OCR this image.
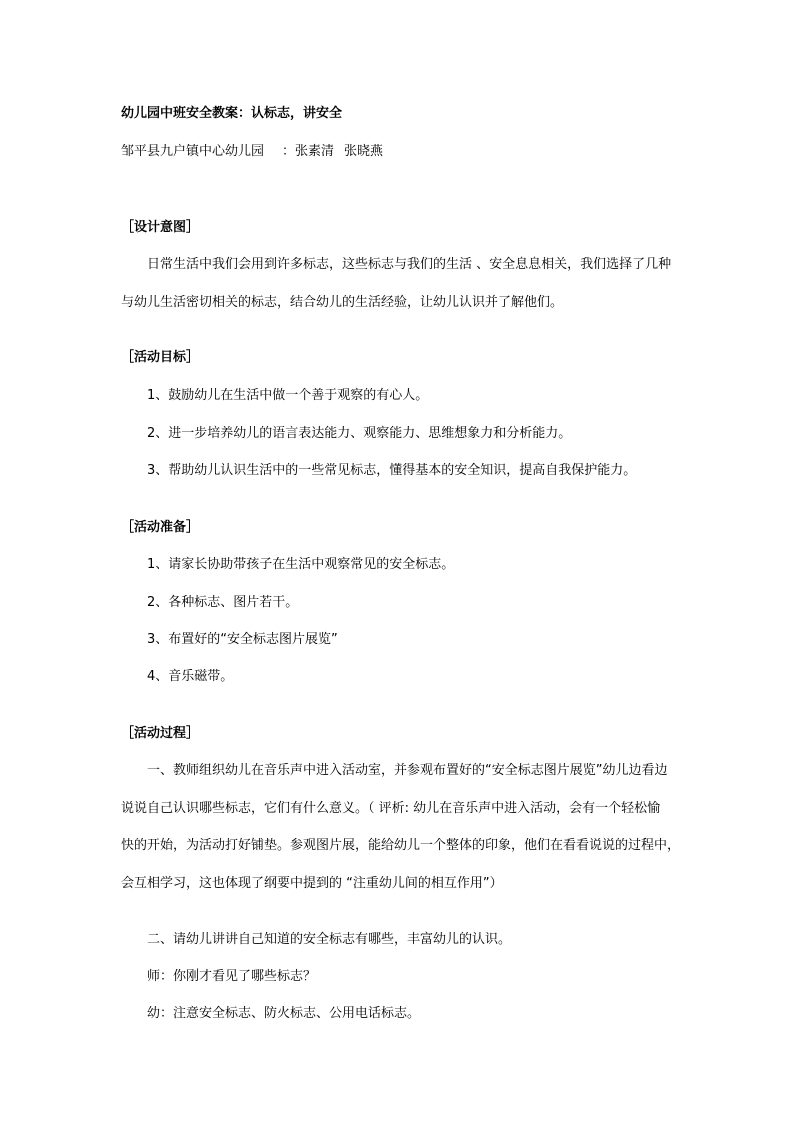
幼儿园中班安全教案：认标志，讲安全
邹平县九户镇中心幼儿园 ：张素清 张晓燕
［设计意图］
日常生活中我们会用到许多标志，这些标志与我们的生活 、安全息息相关，我们选择了几种
与幼儿生活密切相关的标志，结合幼儿的生活经验，让幼儿认识并了解他们。
［活动目标］
1、鼓励幼儿在生活中做一个善于观察的有心人。
2、进一步培养幼儿的语言表达能力、观察能力、思维想象力和分析能力。
3、帮助幼儿认识生活中的一些常见标志，懂得基本的安全知识，提高自我保护能力。
［活动准备］
1、请家长协助带孩子在生活中观察常见的安全标志。
2、各种标志、图片若干。
3、布置好的“安全标志图片展览”
4、音乐磁带。
［活动过程］
一、教师组织幼儿在音乐声中进入活动室，并参观布置好的“安全标志图片展览”幼儿边看边
说说自己认识哪些标志，它们有什么意义。（ 评析: 幼儿在音乐声中进入活动，会有一个轻松愉
快的开始，为活动打好铺垫。参观图片展，能给幼儿一个整体的印象，他们在看看说说的过程中，
会互相学习，这也体现了纲要中提到的 “注重幼儿间的相互作用”）
二、请幼儿讲讲自己知道的安全标志有哪些，丰富幼儿的认识。
师：你刚才看见了哪些标志？
幼：注意安全标志、防火标志、公用电话标志。
